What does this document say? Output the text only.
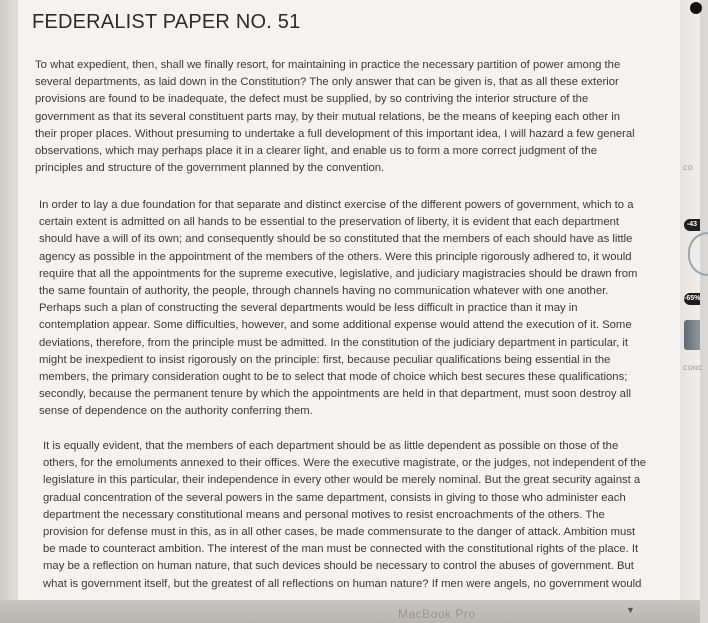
FEDERALIST PAPER NO. 51

To what expedient, then, shall we finally resort, for maintaining in practice the necessary partition of power among the
several departments, as laid down in the Constitution? The only answer that can be given is, that as all these exterior
provisions are found to be inadequate, the defect must be supplied, by so contriving the interior structure of the
government as that its several constituent parts may, by their mutual relations, be the means of keeping each other in
their proper places. Without presuming to undertake a full development of this important idea, I will hazard a few general
observations, which may perhaps place it in a clearer light, and enable us to form a more correct judgment of the
principles and structure of the government planned by the convention.

In order to lay a due foundation for that separate and distinct exercise of the different powers of government, which to a
certain extent is admitted on all hands to be essential to the preservation of liberty, it is evident that each department
should have a will of its own; and consequently should be so constituted that the members of each should have as little
agency as possible in the appointment of the members of the others. Were this principle rigorously adhered to, it would
require that all the appointments for the supreme executive, legislative, and judiciary magistracies should be drawn from
the same fountain of authority, the people, through channels having no communication whatever with one another.
Perhaps such a plan of constructing the several departments would be less difficult in practice than it may in
contemplation appear. Some difficulties, however, and some additional expense would attend the execution of it. Some
deviations, therefore, from the principle must be admitted. In the constitution of the judiciary department in particular, it
might be inexpedient to insist rigorously on the principle: first, because peculiar qualifications being essential in the
members, the primary consideration ought to be to select that mode of choice which best secures these qualifications;
secondly, because the permanent tenure by which the appointments are held in that department, must soon destroy all
sense of dependence on the authority conferring them.

It is equally evident, that the members of each department should be as little dependent as possible on those of the
others, for the emoluments annexed to their offices. Were the executive magistrate, or the judges, not independent of the
legislature in this particular, their independence in every other would be merely nominal. But the great security against a
gradual concentration of the several powers in the same department, consists in giving to those who administer each
department the necessary constitutional means and personal motives to resist encroachments of the others. The
provision for defense must in this, as in all other cases, be made commensurate to the danger of attack. Ambition must
be made to counteract ambition. The interest of the man must be connected with the constitutional rights of the place. It
may be a reflection on human nature, that such devices should be necessary to control the abuses of government. But
what is government itself, but the greatest of all reflections on human nature? If men were angels, no government would

CO
-43
-65%
CONC
MacBook Pro	▼
